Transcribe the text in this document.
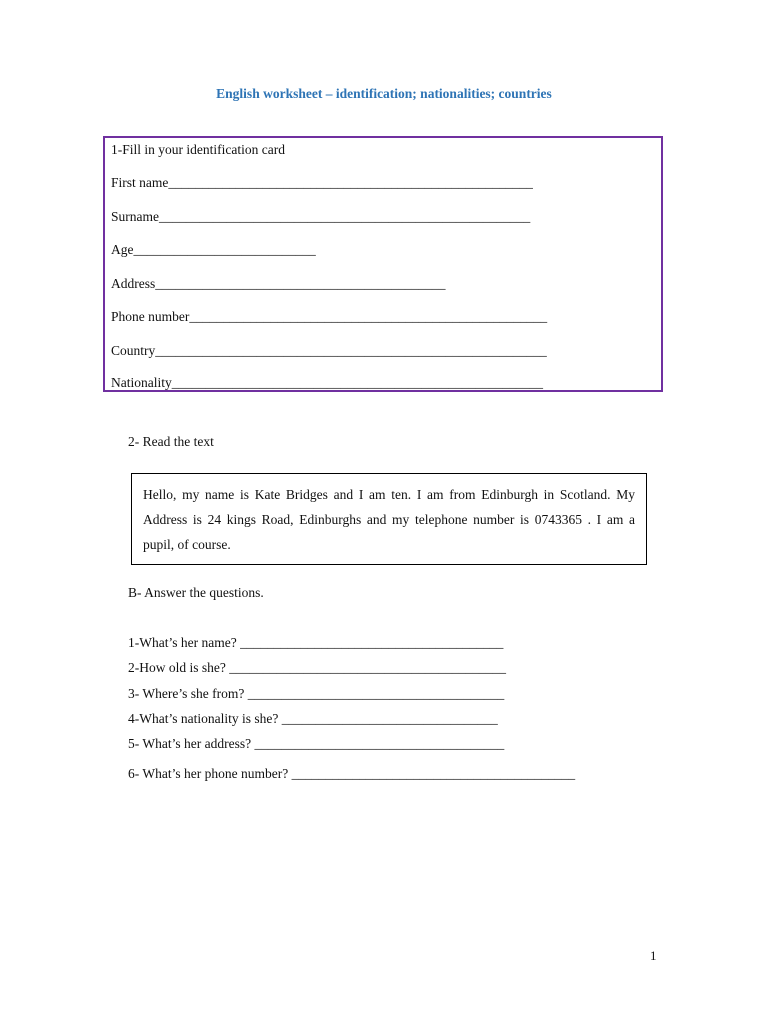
English worksheet – identification; nationalities; countries
1-Fill in your identification card
First name______________________________________________________
Surname_______________________________________________________
Age___________________________
Address___________________________________________
Phone number_____________________________________________________
Country__________________________________________________________
Nationality_______________________________________________________
2- Read the text
Hello, my name is Kate Bridges and I am ten. I am from Edinburgh in Scotland. My Address is 24 kings Road, Edinburghs and my telephone number is 0743365 . I am a pupil, of course.
B- Answer the questions.
1-What’s her name? _______________________________________
2-How old is she? _________________________________________
3- Where’s she from? ______________________________________
4-What’s nationality is she? ________________________________
5- What’s her address? _____________________________________
6- What’s her phone number? __________________________________________
1
